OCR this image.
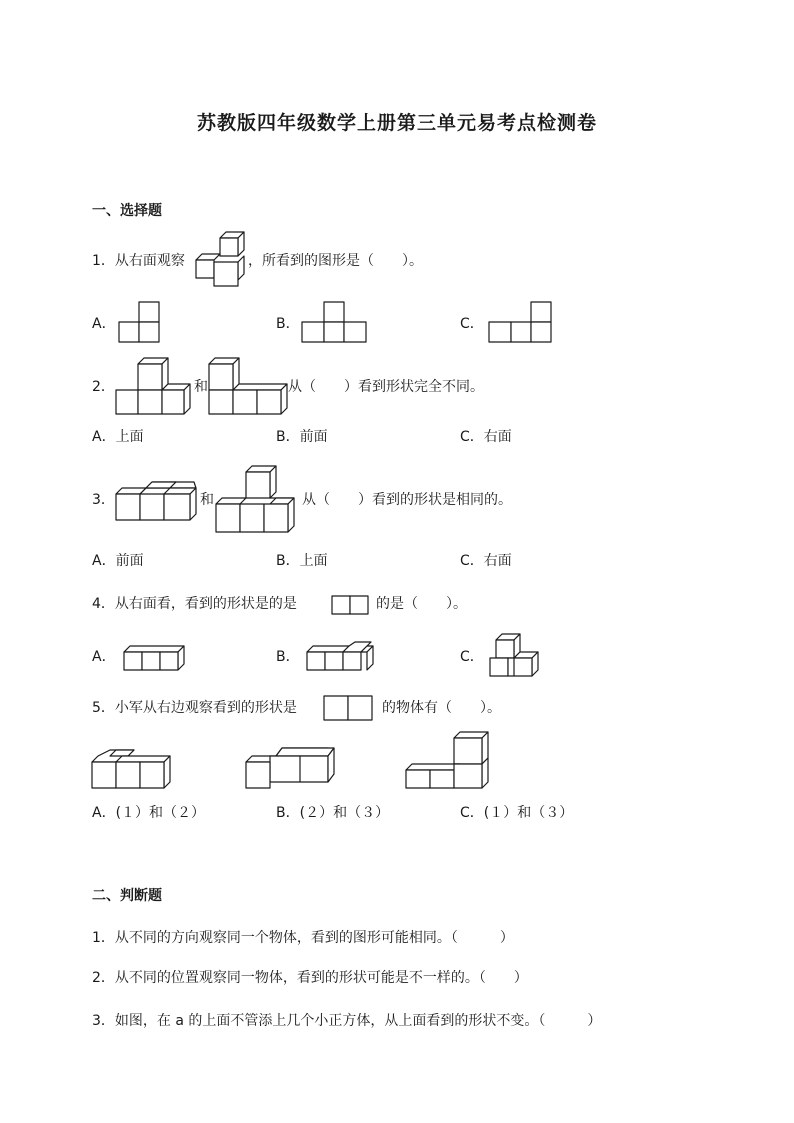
苏教版四年级数学上册第三单元易考点检测卷
一、选择题
1．从右面观察	，所看到的图形是（　　）。
A．	B．	C．
2．	和	从（　　）看到形状完全不同。
A．上面	B．前面	C．右面
3．	和	从（　　）看到的形状是相同的。
A．前面	B．上面	C．右面
4．从右面看，看到的形状是的是	的是（　　）。
A．	B．	C．
5．小军从右边观察看到的形状是	的物体有（　　）。
A．(１）和（２）	B．(２）和（３）	C．(１）和（３）
二、判断题
1．从不同的方向观察同一个物体，看到的图形可能相同。（　　　）
2．从不同的位置观察同一物体，看到的形状可能是不一样的。（　　）
3．如图，在 a 的上面不管添上几个小正方体，从上面看到的形状不变。（　　　）
